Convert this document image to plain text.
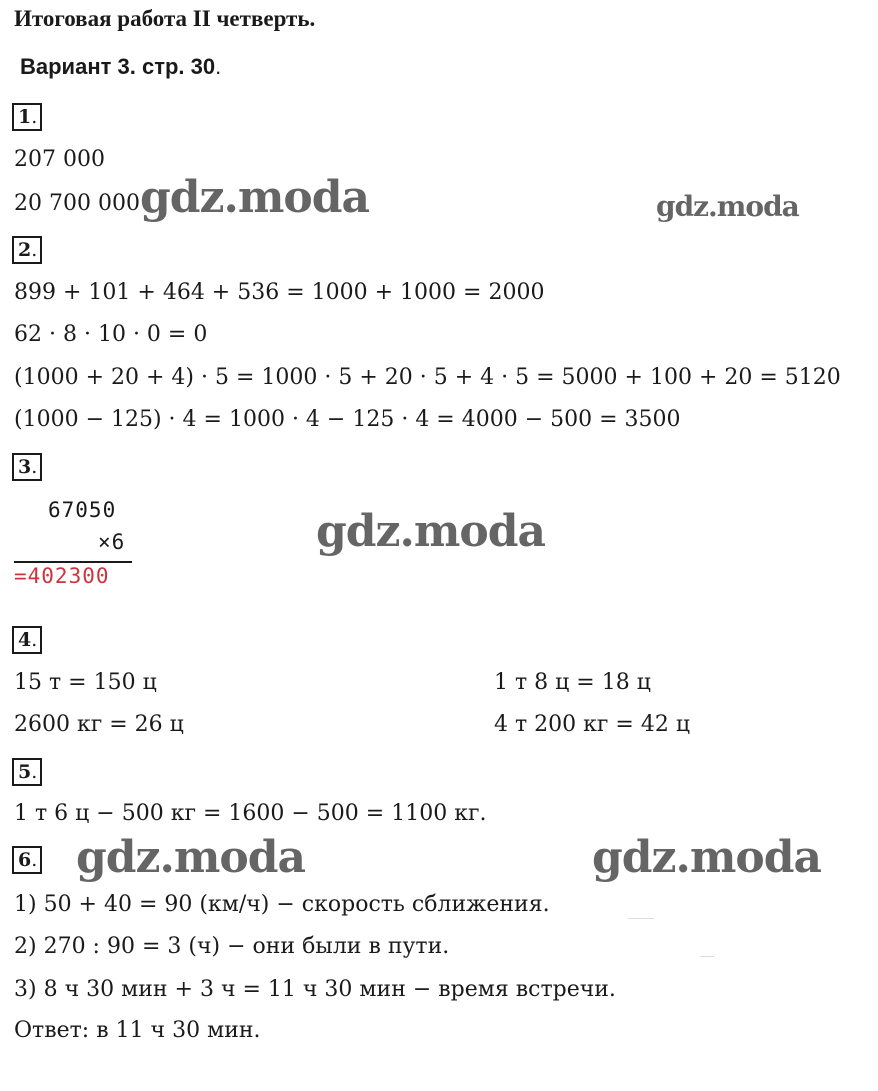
Итоговая работа II четверть.
Вариант 3. стр. 30.
1.
207 000
20 700 000
2.
899 + 101 + 464 + 536 = 1000 + 1000 = 2000
62 · 8 · 10 · 0 = 0
(1000 + 20 + 4) · 5 = 1000 · 5 + 20 · 5 + 4 · 5 = 5000 + 100 + 20 = 5120
(1000 − 125) · 4 = 1000 · 4 − 125 · 4 = 4000 − 500 = 3500
3.
67050
×6
=402300
4.
15 т = 150 ц
2600 кг = 26 ц
1 т 8 ц = 18 ц
4 т 200 кг = 42 ц
5.
1 т 6 ц − 500 кг = 1600 − 500 = 1100 кг.
6.
1) 50 + 40 = 90 (км/ч) − скорость сближения.
2) 270 : 90 = 3 (ч) − они были в пути.
3) 8 ч 30 мин + 3 ч = 11 ч 30 мин − время встречи.
Ответ: в 11 ч 30 мин.
gdz.moda	gdz.moda
gdz.moda
gdz.moda	gdz.moda
